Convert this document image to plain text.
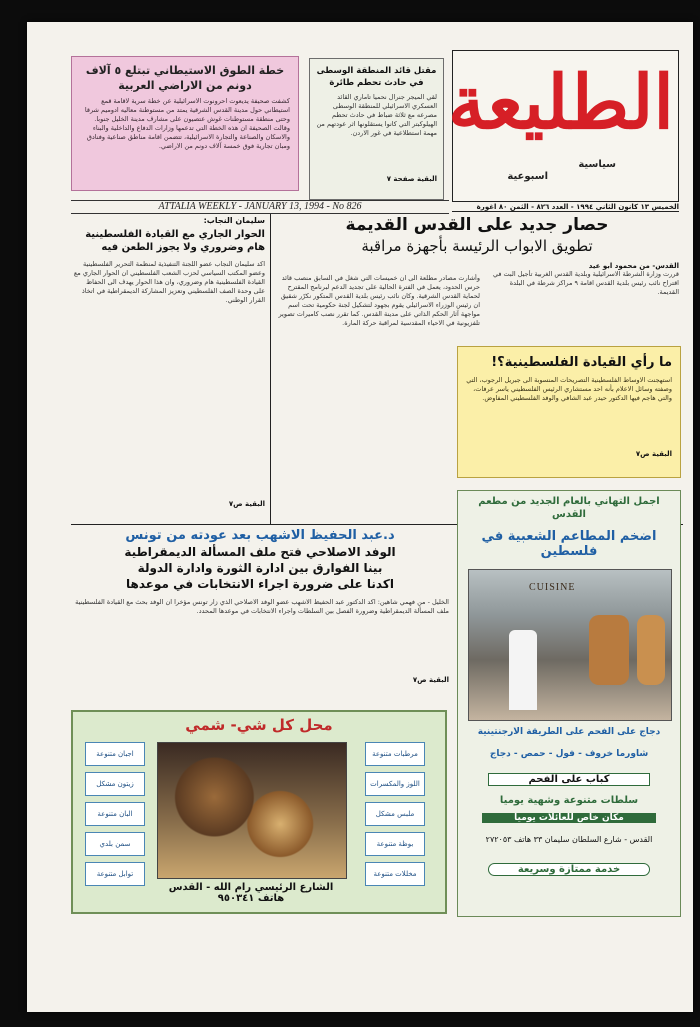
الطليعة
سياسية
اسبوعية
الخميس ١٣ كانون الثاني ١٩٩٤ - العدد ٨٢٦ - الثمن ٨٠ اغورة
مقتل قائد المنطقة الوسطى في حادث تحطم طائرة
لقي الميجر جنرال نحميا تاماري القائد العسكري الاسرائيلي للمنطقة الوسطى مصرعه مع ثلاثة ضباط في حادث تحطم الهيلوكبتر التي كانوا يستقلونها اثر عودتهم من مهمة استطلاعية في غور الاردن.
البقية صفحة ٧
خطة الطوق الاستيطاني تبتلع ٥ آلاف دونم من الاراضي العربية
كشفت صحيفة يديعوت احرونوت الاسرائيلية عن خطة سرية لاقامة قمع استيطاني حول مدينة القدس الشرقية يمتد من مستوطنة معاليه ادوميم شرقا وحتى منطقة مستوطنات غوش عتصيون على مشارف مدينة الخليل جنوبا. وقالت الصحيفة ان هذه الخطة التي تدعمها وزارات الدفاع والداخلية والبناء والاسكان والصناعة والتجارة الاسرائيلية، تتضمن اقامة مناطق صناعية وفنادق ومبان تجارية فوق خمسة آلاف دونم من الاراضي.
ATTALIA WEEKLY - JANUARY 13, 1994 - No 826
سليمان النجاب:
الحوار الجاري مع القيادة الفلسطينية هام وضروري ولا يجوز الطعن فيه
اكد سليمان النجاب عضو اللجنة التنفيذية لمنظمة التحرير الفلسطينية وعضو المكتب السياسي لحزب الشعب الفلسطيني ان الحوار الجاري مع القيادة الفلسطينية هام وضروري، وان هذا الحوار يهدف الى الحفاظ على وحدة الصف الفلسطيني وتعزيز المشاركة الديمقراطية في اتخاذ القرار الوطني.
البقية ص٧
حصار جديد على القدس القديمة
تطويق الابواب الرئيسة بأجهزة مراقبة
القدس- من محمود ابو عيد
قررت وزارة الشرطة الاسرائيلية وبلدية القدس الغربية تأجيل البت في اقتراح نائب رئيس بلدية القدس اقامة ٩ مراكز شرطة في البلدة القديمة.
وأشارت مصادر مطلعة الى ان خميسات التي شغل في السابق منصب قائد حرس الحدود، يعمل في الفترة الحالية على تجديد الدعم لبرنامج المقترح لحماية القدس الشرقية. وكان نائب رئيس بلدية القدس المتكور نكرّر شقيق ان رئيس الوزراء الاسرائيلي يقوم بجهود لتشكيل لجنة حكومية تحت اسم مواجهة آثار الحكم الذاتي على مدينة القدس. كما تقرر نصب كاميرات تصوير تلفزيونية في الاحياء المقدسية لمراقبة حركة المارة.
ما رأي القيادة الفلسطينية؟!
استهجنت الاوساط الفلسطينية التصريحات المنسوبة الى جبريل الرجوب، التي وصفته وسائل الاعلام بأنه احد مستشاري الرئيس الفلسطيني ياسر عرفات، والتي هاجم فيها الدكتور حيدر عبد الشافي والوفد الفلسطيني المفاوض.
البقية ص٧
د.عبد الحفيظ الاشهب بعد عودته من تونس
الوفد الاصلاحي فتح ملف المسألة الديمقراطية
بينا الفوارق بين ادارة الثورة وادارة الدولة
اكدنا على ضرورة اجراء الانتخابات في موعدها
الخليل - من فهمي شاهين: اكد الدكتور عبد الحفيظ الاشهب عضو الوفد الاصلاحي الذي زار تونس مؤخرا ان الوفد بحث مع القيادة الفلسطينية ملف المسألة الديمقراطية وضرورة الفصل بين السلطات واجراء الانتخابات في موعدها المحدد.
البقية ص٧
محل كل شي- شمي
اجبان متنوعة
زيتون مشكل
البان متنوعة
سمن بلدي
توابل متنوعة
مرطبات متنوعة
اللوز والمكسرات
ملبس مشكل
بوظة متنوعة
مخللات متنوعة
الشارع الرئيسي رام الله - القدس هاتف ٩٥٠٣٤١
اجمل التهاني بالعام الجديد من مطعم القدس
اضخم المطاعم الشعبية في فلسطين
CUISINE
دجاج على الفحم على الطريقة الارجنتينية
شاورما خروف - فول - حمص - دجاج
كباب على الفحم
سلطات متنوعة وشهية يوميا
مكان خاص للعائلات يوميا
القدس - شارع السلطان سليمان ٣٣ هاتف ٢٧٢٠٥٣
خدمة ممتازة وسريعة
